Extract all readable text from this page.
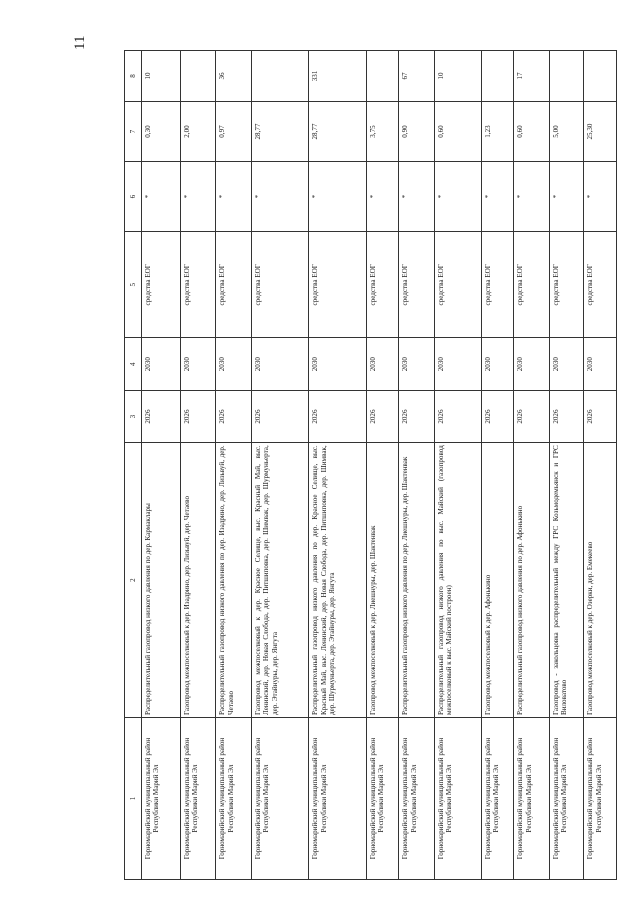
11
1	2	3	4	5	6	7	8
Горномарийский муниципальный район Республики Марий Эл	Распределительный газопровод низкого давления по дер. Кармаклары	2026	2030	средства ЕОГ	*	0,30	10
Горномарийский муниципальный район Республики Марий Эл	Газопровод межпоселковый к дер. Изадрино, дер. Лизьвуй, дер. Четаево	2026	2030	средства ЕОГ	*	2,00	
Горномарийский муниципальный район Республики Марий Эл	Распределительный газопровод низкого давления по дер. Изадрино, дер. Лизьвуй, дер. Четаево	2026	2030	средства ЕОГ	*	0,97	36
Горномарийский муниципальный район Республики Марий Эл	Газопровод межпоселковый к дер. Красное Селище, выс. Красный Май, выс. Ленинский, дер. Новая Слобода, дер. Питшиповка, дер. Шимвак, дер. Шурмуньерта, дер. Этайнуры, дер. Янгута	2026	2030	средства ЕОГ	*	28,77	
Горномарийский муниципальный район Республики Марий Эл	Распределительный газопровод низкого давления по дер. Красное Селище, выс. Красный Май, выс. Ленинский, дер. Новая Слобода, дер. Питшиповка, дер. Шимвак, дер. Шурмуньерта, дер. Этайнуры, дер. Янгута	2026	2030	средства ЕОГ	*	28,77	331
Горномарийский муниципальный район Республики Марий Эл	Газопровод межпоселковый к дер. Лиешнуры, дер. Шактенвак	2026	2030	средства ЕОГ	*	3,75	
Горномарийский муниципальный район Республики Марий Эл	Распределительный газопровод низкого давления по дер. Лиешнуры, дер. Шактенвак	2026	2030	средства ЕОГ	*	0,90	67
Горномарийский муниципальный район Республики Марий Эл	Распределительный газопровод низкого давления по выс. Майский (газопровод межпоселковый к выс. Майский построен)	2026	2030	средства ЕОГ	*	0,60	10
Горномарийский муниципальный район Республики Марий Эл	Газопровод межпоселковый к дер. Афонькино	2026	2030	средства ЕОГ	*	1,23	
Горномарийский муниципальный район Республики Марий Эл	Распределительный газопровод низкого давления по дер. Афонькино	2026	2030	средства ЕОГ	*	0,60	17
Горномарийский муниципальный район Республики Марий Эл	Газопровод - закольцовка распределительный между ГРС Козьмодемьянск и ГРС Виловатово	2026	2030	средства ЕОГ	*	5,00	
Горномарийский муниципальный район Республики Марий Эл	Газопровод межпоселковый к дер. Озерки, дер. Емекеево	2026	2030	средства ЕОГ	*	25,30	
